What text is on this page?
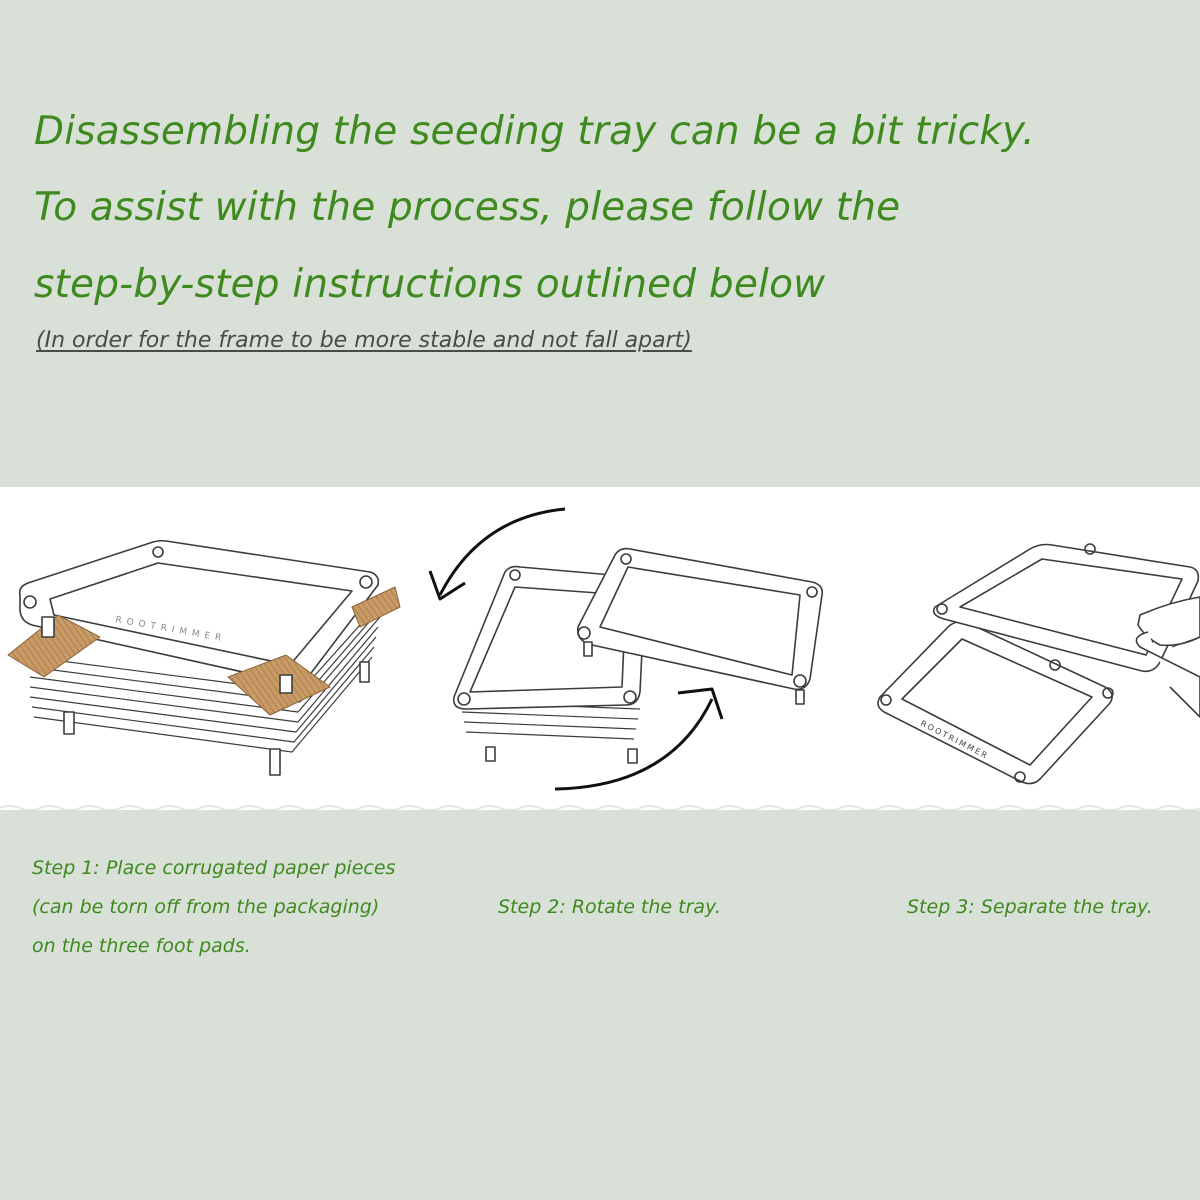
Disassembling the seeding tray can be a bit tricky.
To assist with the process, please follow the
step-by-step instructions outlined below

(In order for the frame to be more stable and not fall apart)

ROOTRIMMER
ROOTRIMMER

Step 1: Place corrugated paper pieces

(can be torn off from the packaging)

on the three foot pads.

Step 2: Rotate the tray.	Step 3: Separate the tray.
